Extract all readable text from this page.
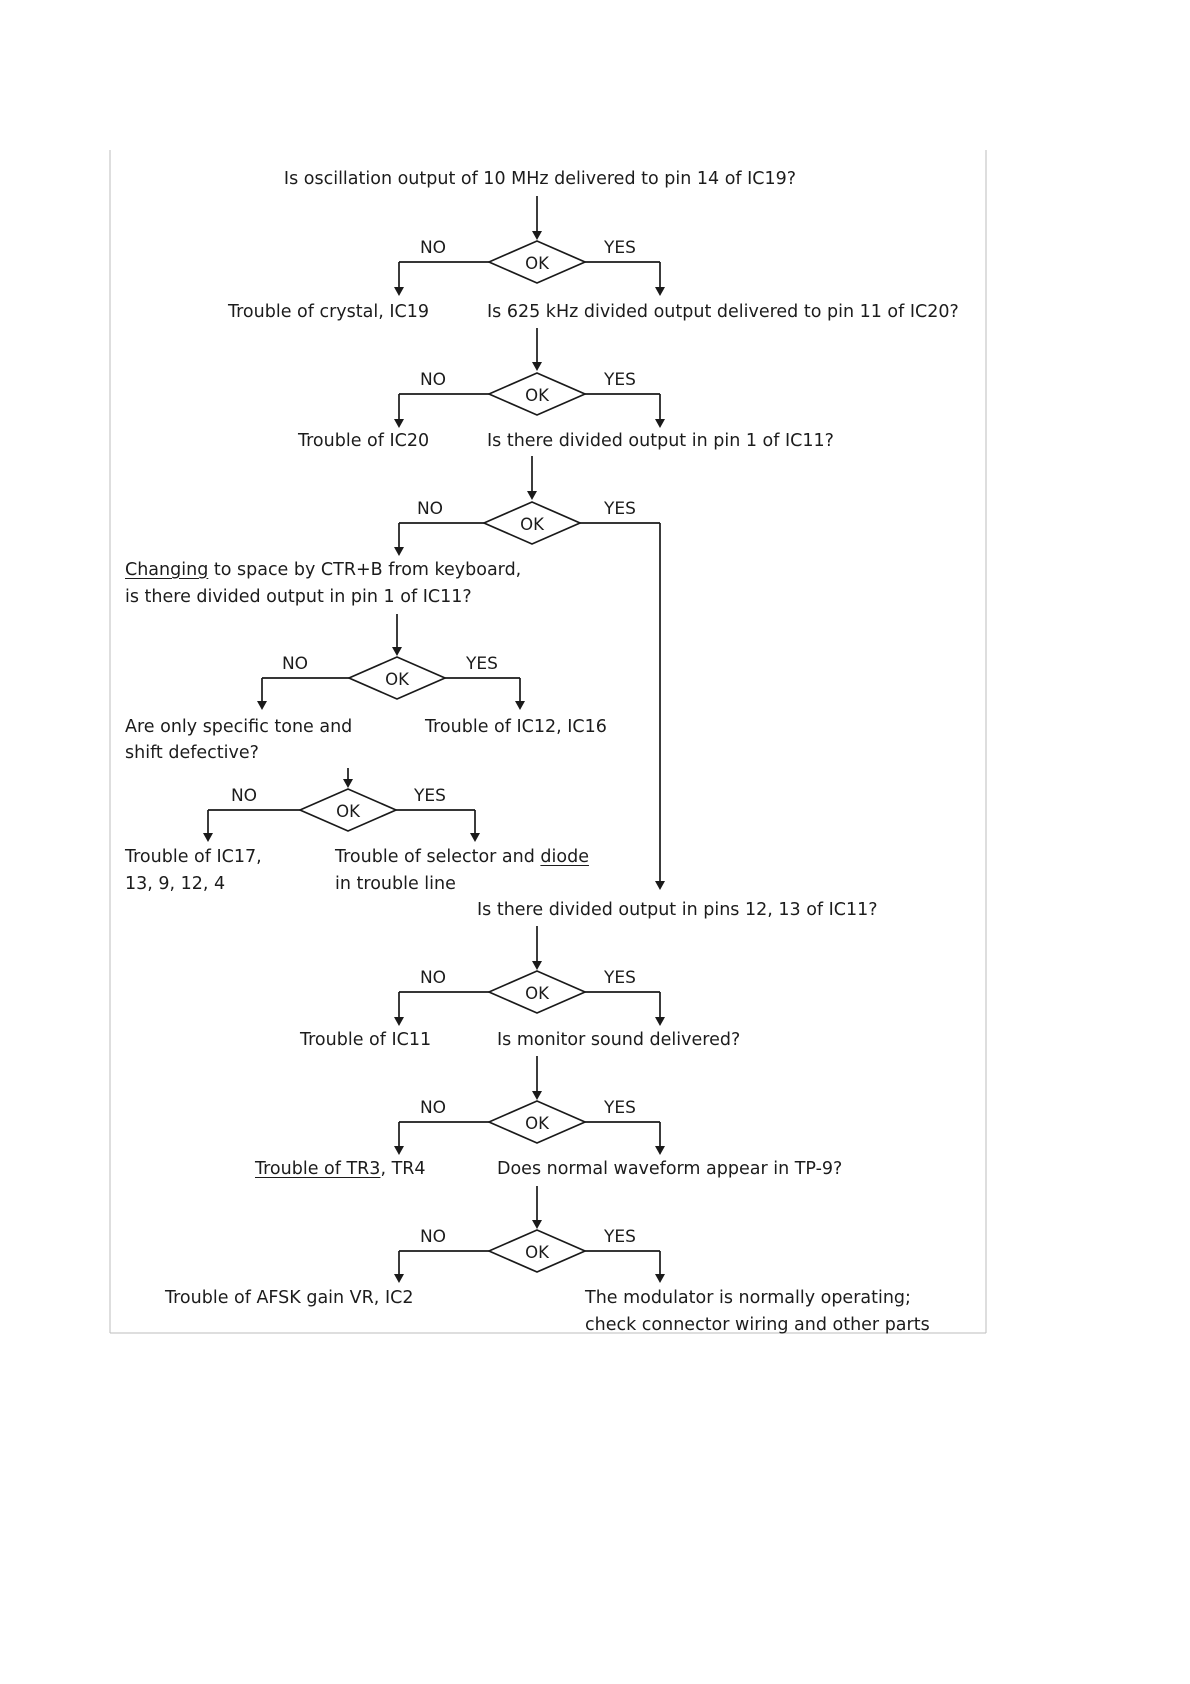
OK
OK
OK
OK
OK
OK
OK
OK
NO	YES
NO	YES
NO	YES
NO	YES
NO	YES
NO	YES
NO	YES
NO	YES
Is oscillation output of 10 MHz delivered to pin 14 of IC19?
Trouble of crystal, IC19	Is 625 kHz divided output delivered to pin 11 of IC20?
Trouble of IC20	Is there divided output in pin 1 of IC11?
Changing to space by CTR+B from keyboard,
is there divided output in pin 1 of IC11?
Are only specific tone and
shift defective?
Trouble of IC12, IC16
Trouble of IC17,
13, 9, 12, 4
Trouble of selector and diode
in trouble line
Is there divided output in pins 12, 13 of IC11?
Trouble of IC11	Is monitor sound delivered?
Trouble of TR3, TR4	Does normal waveform appear in TP-9?
Trouble of AFSK gain VR, IC2	The modulator is normally operating;
check connector wiring and other parts
